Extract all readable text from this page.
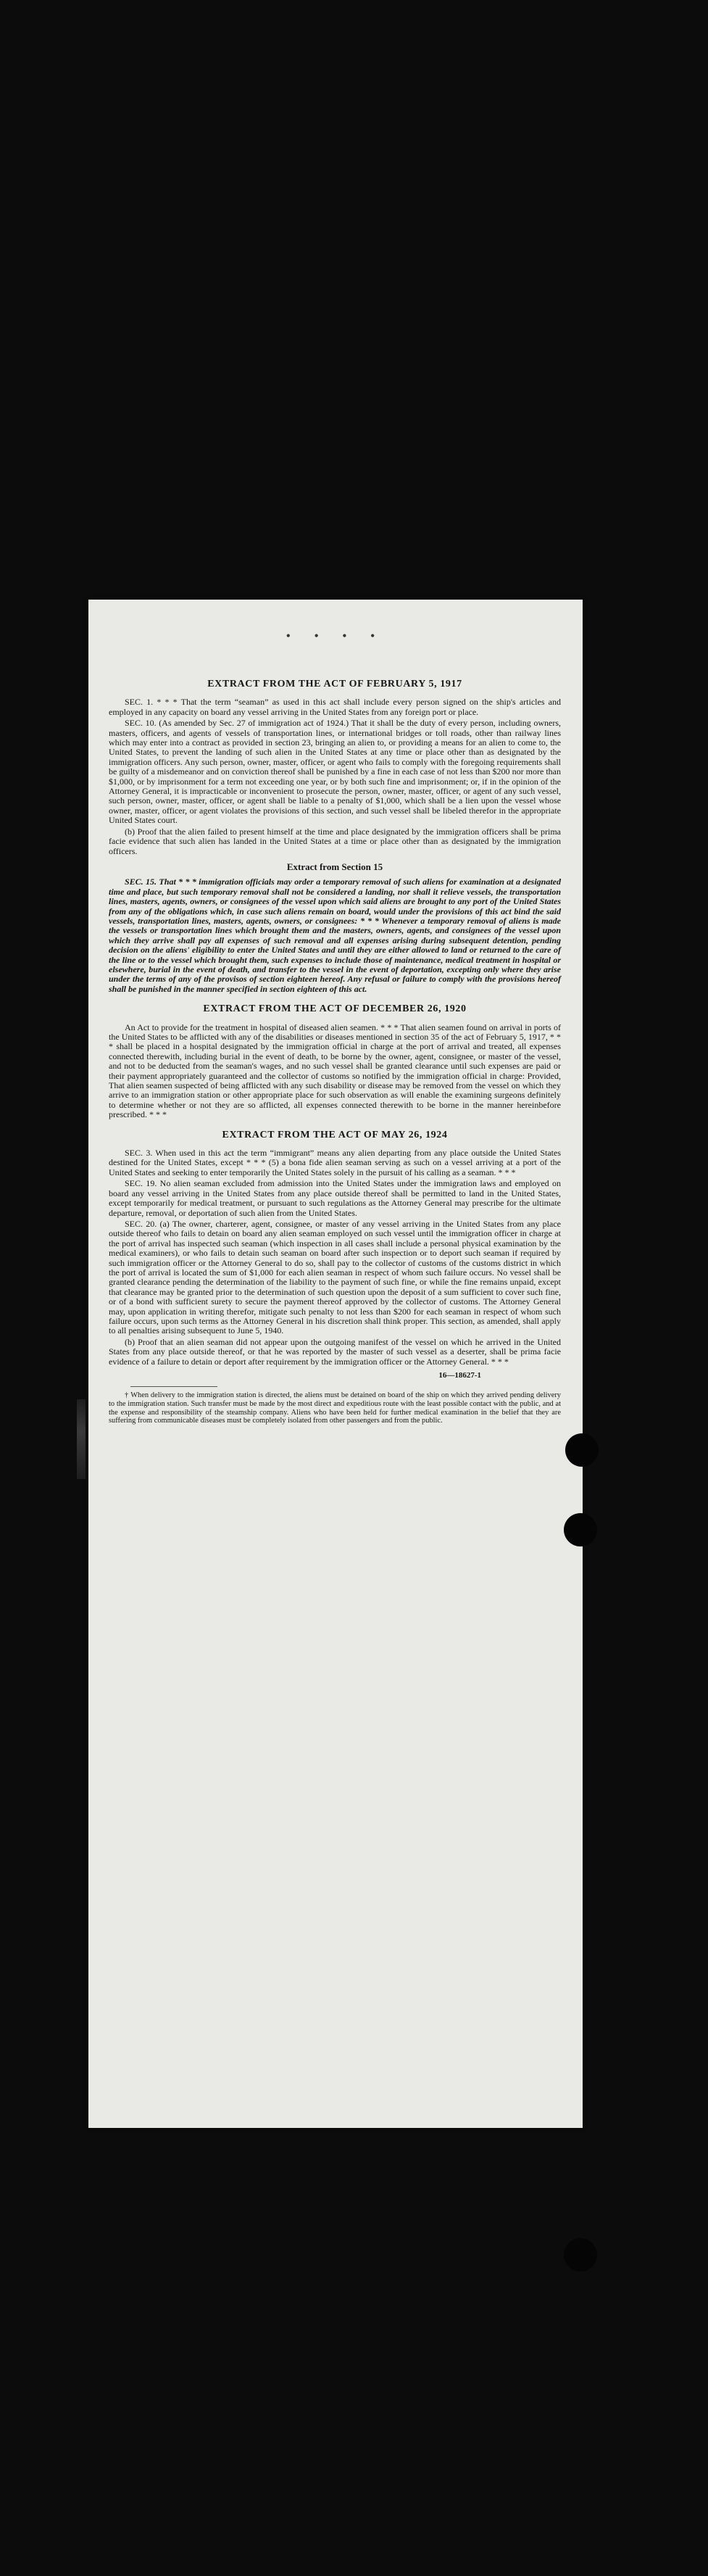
• • • •
EXTRACT FROM THE ACT OF FEBRUARY 5, 1917

SEC. 1. * * * That the term “seaman” as used in this act shall include every person signed on the ship's articles and employed in any capacity on board any vessel arriving in the United States from any foreign port or place.

SEC. 10. (As amended by Sec. 27 of immigration act of 1924.) That it shall be the duty of every person, including owners, masters, officers, and agents of vessels of transportation lines, or international bridges or toll roads, other than railway lines which may enter into a contract as provided in section 23, bringing an alien to, or providing a means for an alien to come to, the United States, to prevent the landing of such alien in the United States at any time or place other than as designated by the immigration officers. Any such person, owner, master, officer, or agent who fails to comply with the foregoing requirements shall be guilty of a misdemeanor and on conviction thereof shall be punished by a fine in each case of not less than $200 nor more than $1,000, or by imprisonment for a term not exceeding one year, or by both such fine and imprisonment; or, if in the opinion of the Attorney General, it is impracticable or inconvenient to prosecute the person, owner, master, officer, or agent of any such vessel, such person, owner, master, officer, or agent shall be liable to a penalty of $1,000, which shall be a lien upon the vessel whose owner, master, officer, or agent violates the provisions of this section, and such vessel shall be libeled therefor in the appropriate United States court.

(b) Proof that the alien failed to present himself at the time and place designated by the immigration officers shall be prima facie evidence that such alien has landed in the United States at a time or place other than as designated by the immigration officers.

Extract from Section 15

SEC. 15. That * * * immigration officials may order a temporary removal of such aliens for examination at a designated time and place, but such temporary removal shall not be considered a landing, nor shall it relieve vessels, the transportation lines, masters, agents, owners, or consignees of the vessel upon which said aliens are brought to any port of the United States from any of the obligations which, in case such aliens remain on board, would under the provisions of this act bind the said vessels, transportation lines, masters, agents, owners, or consignees: * * * Whenever a temporary removal of aliens is made the vessels or transportation lines which brought them and the masters, owners, agents, and consignees of the vessel upon which they arrive shall pay all expenses of such removal and all expenses arising during subsequent detention, pending decision on the aliens' eligibility to enter the United States and until they are either allowed to land or returned to the care of the line or to the vessel which brought them, such expenses to include those of maintenance, medical treatment in hospital or elsewhere, burial in the event of death, and transfer to the vessel in the event of deportation, excepting only where they arise under the terms of any of the provisos of section eighteen hereof. Any refusal or failure to comply with the provisions hereof shall be punished in the manner specified in section eighteen of this act.

EXTRACT FROM THE ACT OF DECEMBER 26, 1920

An Act to provide for the treatment in hospital of diseased alien seamen. * * * That alien seamen found on arrival in ports of the United States to be afflicted with any of the disabilities or diseases mentioned in section 35 of the act of February 5, 1917, * * * shall be placed in a hospital designated by the immigration official in charge at the port of arrival and treated, all expenses connected therewith, including burial in the event of death, to be borne by the owner, agent, consignee, or master of the vessel, and not to be deducted from the seaman's wages, and no such vessel shall be granted clearance until such expenses are paid or their payment appropriately guaranteed and the collector of customs so notified by the immigration official in charge: Provided, That alien seamen suspected of being afflicted with any such disability or disease may be removed from the vessel on which they arrive to an immigration station or other appropriate place for such observation as will enable the examining surgeons definitely to determine whether or not they are so afflicted, all expenses connected therewith to be borne in the manner hereinbefore prescribed. * * *

EXTRACT FROM THE ACT OF MAY 26, 1924

SEC. 3. When used in this act the term “immigrant” means any alien departing from any place outside the United States destined for the United States, except * * * (5) a bona fide alien seaman serving as such on a vessel arriving at a port of the United States and seeking to enter temporarily the United States solely in the pursuit of his calling as a seaman. * * *

SEC. 19. No alien seaman excluded from admission into the United States under the immigration laws and employed on board any vessel arriving in the United States from any place outside thereof shall be permitted to land in the United States, except temporarily for medical treatment, or pursuant to such regulations as the Attorney General may prescribe for the ultimate departure, removal, or deportation of such alien from the United States.

SEC. 20. (a) The owner, charterer, agent, consignee, or master of any vessel arriving in the United States from any place outside thereof who fails to detain on board any alien seaman employed on such vessel until the immigration officer in charge at the port of arrival has inspected such seaman (which inspection in all cases shall include a personal physical examination by the medical examiners), or who fails to detain such seaman on board after such inspection or to deport such seaman if required by such immigration officer or the Attorney General to do so, shall pay to the collector of customs of the customs district in which the port of arrival is located the sum of $1,000 for each alien seaman in respect of whom such failure occurs. No vessel shall be granted clearance pending the determination of the liability to the payment of such fine, or while the fine remains unpaid, except that clearance may be granted prior to the determination of such question upon the deposit of a sum sufficient to cover such fine, or of a bond with sufficient surety to secure the payment thereof approved by the collector of customs. The Attorney General may, upon application in writing therefor, mitigate such penalty to not less than $200 for each seaman in respect of whom such failure occurs, upon such terms as the Attorney General in his discretion shall think proper. This section, as amended, shall apply to all penalties arising subsequent to June 5, 1940.

(b) Proof that an alien seaman did not appear upon the outgoing manifest of the vessel on which he arrived in the United States from any place outside thereof, or that he was reported by the master of such vessel as a deserter, shall be prima facie evidence of a failure to detain or deport after requirement by the immigration officer or the Attorney General. * * *

16—18627-1

† When delivery to the immigration station is directed, the aliens must be detained on board of the ship on which they arrived pending delivery to the immigration station. Such transfer must be made by the most direct and expeditious route with the least possible contact with the public, and at the expense and responsibility of the steamship company. Aliens who have been held for further medical examination in the belief that they are suffering from communicable diseases must be completely isolated from other passengers and from the public.
